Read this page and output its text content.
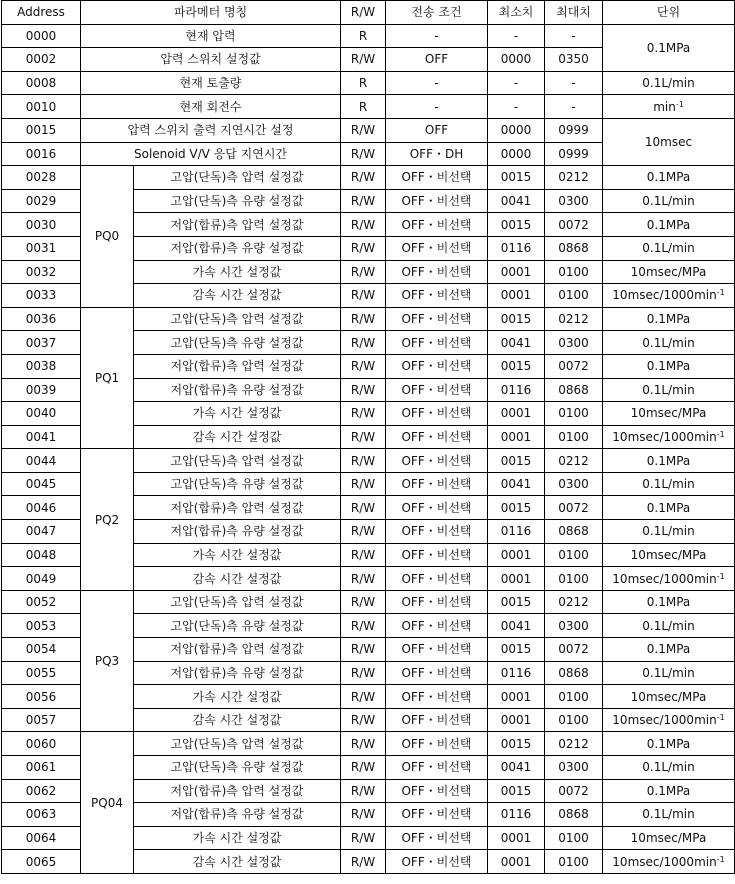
Address	파라메터 명칭		R/W	전송 조건	최소치	최대치	단위
0000	현재 압력		R	-	-	-	0.1MPa
0002	압력 스위치 설정값		R/W	OFF	0000	0350	
0008	현재 토출량		R	-	-	-	0.1L/min
0010	현재 회전수		R	-	-	-	$\min^{-1}$
0015	압력 스위치 출력 지연시간 설정		R/W	OFF	0000	0999	10msec
0016	Solenoid V/V 응답 지연시간		R/W	OFF・DH	0000	0999	
0028	PQ0	고압(단독)측 압력 설정값	R/W	OFF・비선택	0015	0212	0.1MPa
0029		고압(단독)측 유량 설정값	R/W	OFF・비선택	0041	0300	0.1L/min
0030		저압(합류)측 압력 설정값	R/W	OFF・비선택	0015	0072	0.1MPa
0031		저압(합류)측 유량 설정값	R/W	OFF・비선택	0116	0868	0.1L/min
0032		가속 시간 설정값	R/W	OFF・비선택	0001	0100	10msec/MPa
0033		감속 시간 설정값	R/W	OFF・비선택	0001	0100	$10msec/1000\min^{-1}$
0036	PQ1	고압(단독)측 압력 설정값	R/W	OFF・비선택	0015	0212	0.1MPa
0037		고압(단독)측 유량 설정값	R/W	OFF・비선택	0041	0300	0.1L/min
0038		저압(합류)측 압력 설정값	R/W	OFF・비선택	0015	0072	0.1MPa
0039		저압(합류)측 유량 설정값	R/W	OFF・비선택	0116	0868	0.1L/min
0040		가속 시간 설정값	R/W	OFF・비선택	0001	0100	10msec/MPa
0041		감속 시간 설정값	R/W	OFF・비선택	0001	0100	$10msec/1000\min^{-1}$
0044	PQ2	고압(단독)측 압력 설정값	R/W	OFF・비선택	0015	0212	0.1MPa
0045		고압(단독)측 유량 설정값	R/W	OFF・비선택	0041	0300	0.1L/min
0046		저압(합류)측 압력 설정값	R/W	OFF・비선택	0015	0072	0.1MPa
0047		저압(합류)측 유량 설정값	R/W	OFF・비선택	0116	0868	0.1L/min
0048		가속 시간 설정값	R/W	OFF・비선택	0001	0100	10msec/MPa
0049		감속 시간 설정값	R/W	OFF・비선택	0001	0100	$10msec/1000\min^{-1}$
0052	PQ3	고압(단독)측 압력 설정값	R/W	OFF・비선택	0015	0212	0.1MPa
0053		고압(단독)측 유량 설정값	R/W	OFF・비선택	0041	0300	0.1L/min
0054		저압(합류)측 압력 설정값	R/W	OFF・비선택	0015	0072	0.1MPa
0055		저압(합류)측 유량 설정값	R/W	OFF・비선택	0116	0868	0.1L/min
0056		가속 시간 설정값	R/W	OFF・비선택	0001	0100	10msec/MPa
0057		감속 시간 설정값	R/W	OFF・비선택	0001	0100	$10msec/1000\min^{-1}$
0060	PQ04	고압(단독)측 압력 설정값	R/W	OFF・비선택	0015	0212	0.1MPa
0061		고압(단독)측 유량 설정값	R/W	OFF・비선택	0041	0300	0.1L/min
0062		저압(합류)측 압력 설정값	R/W	OFF・비선택	0015	0072	0.1MPa
0063		저압(합류)측 유량 설정값	R/W	OFF・비선택	0116	0868	0.1L/min
0064		가속 시간 설정값	R/W	OFF・비선택	0001	0100	10msec/MPa
0065		감속 시간 설정값	R/W	OFF・비선택	0001	0100	$10msec/1000\min^{-1}$
